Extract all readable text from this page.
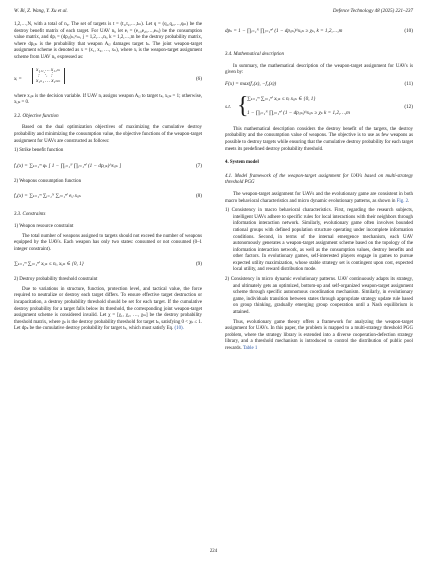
W. Bi, Z. Wang, Y. Xu et al.	Defence Technology 48 (2025) 221–237

1,2,…,N, with a total of n₀. The set of targets is t = (t₁,t₂,…,tₘ). Let q = (q₁,q₂,…,qₘ) be the destroy benefit matrix of each target. For UAV nᵢ, let eᵢ = (e₁ᵢ,e₂ᵢ,…,eₙᵢ) be the consumption value matrix, and dpᵢ = (dpᵢⱼ)ₙᵢ×ₘ, j = 1,2,…,nᵢ, k = 1,2,…,m be the destroy probability matrix, where dpᵢⱼₖ is the probability that weapon Aᵢⱼ damages target tₖ. The joint weapon-target assignment scheme is denoted as x = (x₁, x₂, …, xₙ), where xᵢ is the weapon-target assignment scheme from UAV nᵢ, expressed as:

xᵢ =
x₁₁₁ … x₁₁ₘ
⋮ ⋱ ⋮
x₁ₙ₁ … x₁ₙₘ	(6)

where xᵢⱼₖ is the decision variable. If UAV nᵢ assigns weapon Aᵢⱼ to target tₖ, xᵢⱼₖ = 1; otherwise, xᵢⱼₖ = 0.

3.2. Objective function

Based on the dual optimization objectives of maximizing the cumulative destroy probability and minimizing the consumption value, the objective functions of the weapon-target assignment for UAVs are constructed as follows:

1) Strike benefit function

f₁(x) = ∑ₖ₌₁ᵐ qₖ [ 1 − ∏ᵢ₌₁ᴺ ∏ⱼ₌₁ⁿⁱ (1 − dpᵢⱼₖ)^xᵢⱼₖ ]	(7)

2) Weapons consumption function

f₂(x) = ∑ₖ₌₁ᵐ ∑ᵢ₌₁ᴺ ∑ⱼ₌₁ⁿⁱ eᵢⱼ xᵢⱼₖ	(8)
3.3. Constraints

1) Weapon resource constraint

The total number of weapons assigned to targets should not exceed the number of weapons equipped by the UAVs. Each weapon has only two states: consumed or not consumed (0–1 integer constraint).

∑ₖ₌₁ᵐ ∑ⱼ₌₁ⁿⁱ xᵢⱼₖ ≤ nᵢ, xᵢⱼₖ ∈ {0, 1}	(9)

2) Destroy probability threshold constraint

Due to variations in structure, function, protection level, and tactical value, the force required to neutralize or destroy each target differs. To ensure effective target destruction or incapacitation, a destroy probability threshold should be set for each target. If the cumulative destroy probability for a target falls below its threshold, the corresponding joint weapon-target assignment scheme is considered invalid. Let χ = [χ₁, χ₂, …, χₘ] be the destroy probability threshold matrix, where χₖ is the destroy probability threshold for target tₖ, satisfying 0 < χₖ ≤ 1. Let dpₖ be the cumulative destroy probability for target tₖ, which must satisfy Eq. (10).

dpₖ = 1 − ∏ᵢ₌₁ᴺ ∏ⱼ₌₁ⁿⁱ (1 − dpᵢⱼₖ)^xᵢⱼₖ ≥ χₖ, k = 1,2,…,m	(10)
3.4. Mathematical description

In summary, the mathematical description of the weapon-target assignment for UAVs is given by:

F(x) = max(f₁(x), −f₂(x))	(11)
s.t. {
∑ₖ₌₁ᵐ ∑ⱼ₌₁ⁿⁱ xᵢⱼₖ ≤ nᵢ xᵢⱼₖ ∈ {0, 1}
1 − ∏ᵢ₌₁ᴺ ∏ⱼ₌₁ⁿⁱ (1 − dpᵢⱼₖ)^xᵢⱼₖ ≥ χₖ k = 1,2,…,m
(12)

This mathematical description considers the destroy benefit of the targets, the destroy probability and the consumption value of weapons. The objective is to use as few weapons as possible to destroy targets while ensuring that the cumulative destroy probability for each target meets its predefined destroy probability threshold.

4. System model
4.1. Model framework of the weapon-target assignment for UAVs based on multi-strategy threshold PGG

The weapon-target assignment for UAVs and the evolutionary game are consistent in both macro behavioral characteristics and micro dynamic evolutionary patterns, as shown in Fig. 2.

1) Consistency in macro behavioral characteristics. First, regarding the research subjects, intelligent UAVs adhere to specific rules for local interactions with their neighbors through information interaction network. Similarly, evolutionary game often involves bounded rational groups with defined population structure operating under incomplete information conditions. Second, in terms of the internal emergence mechanism, each UAV autonomously generates a weapon-target assignment scheme based on the topology of the information interaction network, as well as the consumption values, destroy benefits and other factors. In evolutionary games, self-interested players engage in games to pursue expected utility maximization, whose stable strategy set is contingent upon cost, expected local utility, and reward distribution mode.

2) Consistency in micro dynamic evolutionary patterns. UAV continuously adapts its strategy, and ultimately gets an optimized, bottom-up and self-organized weapon-target assignment scheme through specific autonomous coordination mechanism. Similarly, in evolutionary game, individuals transition between states through appropriate strategy update rule based on group thinking, gradually emerging group cooperation until a Nash equilibrium is attained.

Thus, evolutionary game theory offers a framework for analyzing the weapon-target assignment for UAVs. In this paper, the problem is mapped to a multi-strategy threshold PGG problem, where the strategy library is extended into a diverse cooperation-defection strategy library, and a threshold mechanism is introduced to control the distribution of public pool rewards. Table 1

224
